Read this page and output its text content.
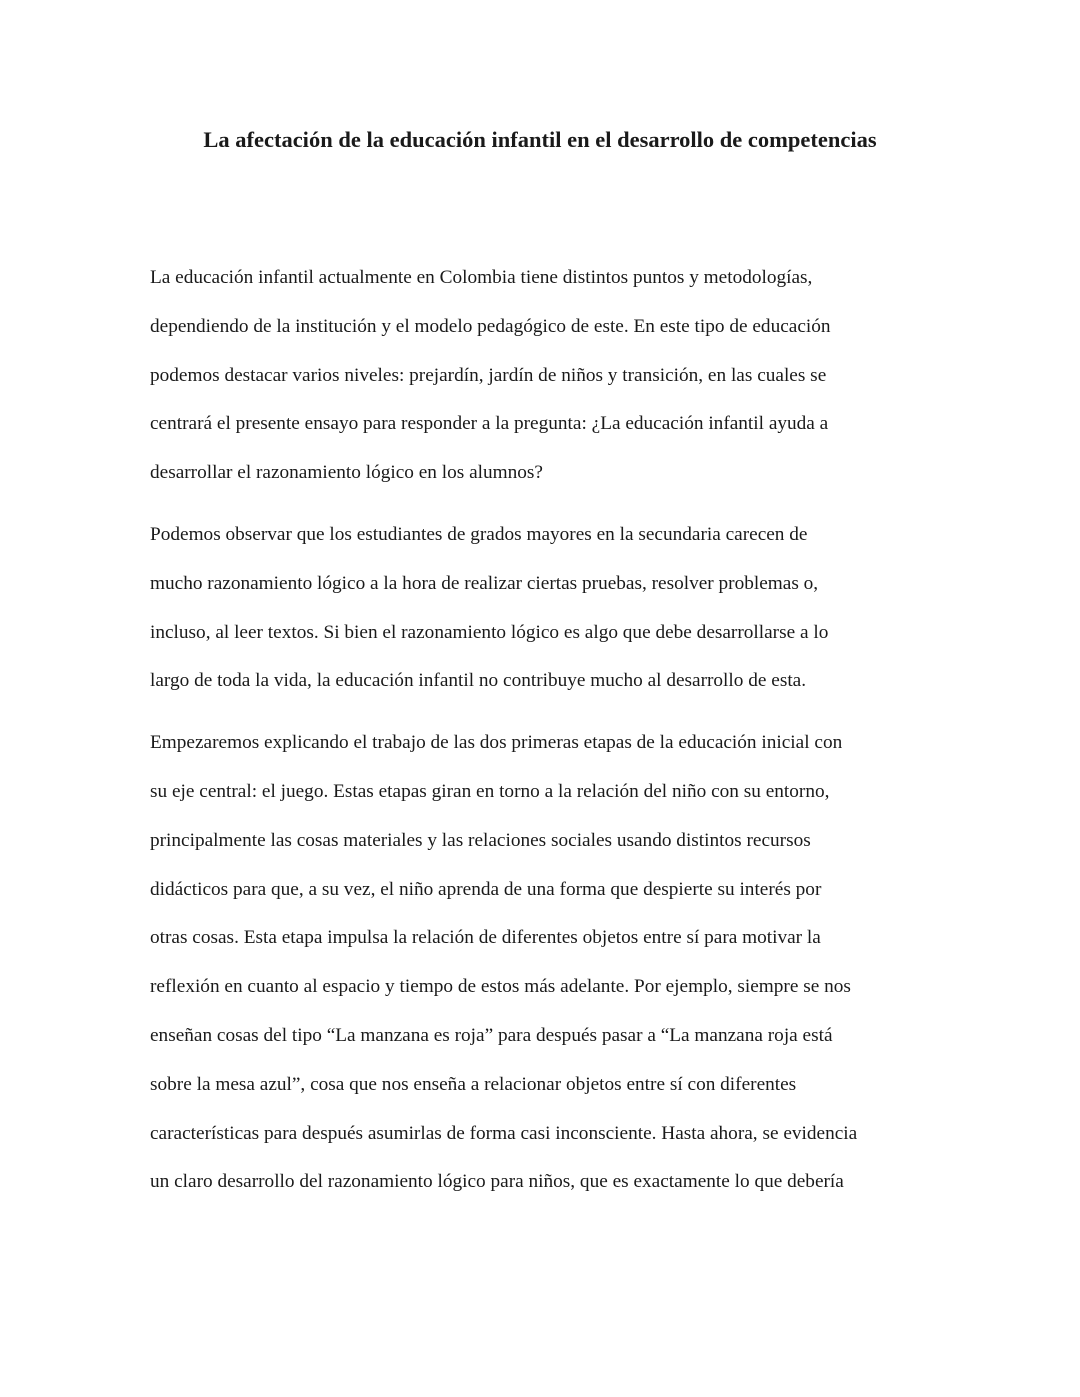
La afectación de la educación infantil en el desarrollo de competencias
La educación infantil actualmente en Colombia tiene distintos puntos y metodologías,
dependiendo de la institución y el modelo pedagógico de este. En este tipo de educación
podemos destacar varios niveles: prejardín, jardín de niños y transición, en las cuales se
centrará el presente ensayo para responder a la pregunta: ¿La educación infantil ayuda a
desarrollar el razonamiento lógico en los alumnos?
Podemos observar que los estudiantes de grados mayores en la secundaria carecen de
mucho razonamiento lógico a la hora de realizar ciertas pruebas, resolver problemas o,
incluso, al leer textos. Si bien el razonamiento lógico es algo que debe desarrollarse a lo
largo de toda la vida, la educación infantil no contribuye mucho al desarrollo de esta.
Empezaremos explicando el trabajo de las dos primeras etapas de la educación inicial con
su eje central: el juego. Estas etapas giran en torno a la relación del niño con su entorno,
principalmente las cosas materiales y las relaciones sociales usando distintos recursos
didácticos para que, a su vez, el niño aprenda de una forma que despierte su interés por
otras cosas. Esta etapa impulsa la relación de diferentes objetos entre sí para motivar la
reflexión en cuanto al espacio y tiempo de estos más adelante. Por ejemplo, siempre se nos
enseñan cosas del tipo “La manzana es roja” para después pasar a “La manzana roja está
sobre la mesa azul”, cosa que nos enseña a relacionar objetos entre sí con diferentes
características para después asumirlas de forma casi inconsciente. Hasta ahora, se evidencia
un claro desarrollo del razonamiento lógico para niños, que es exactamente lo que debería
